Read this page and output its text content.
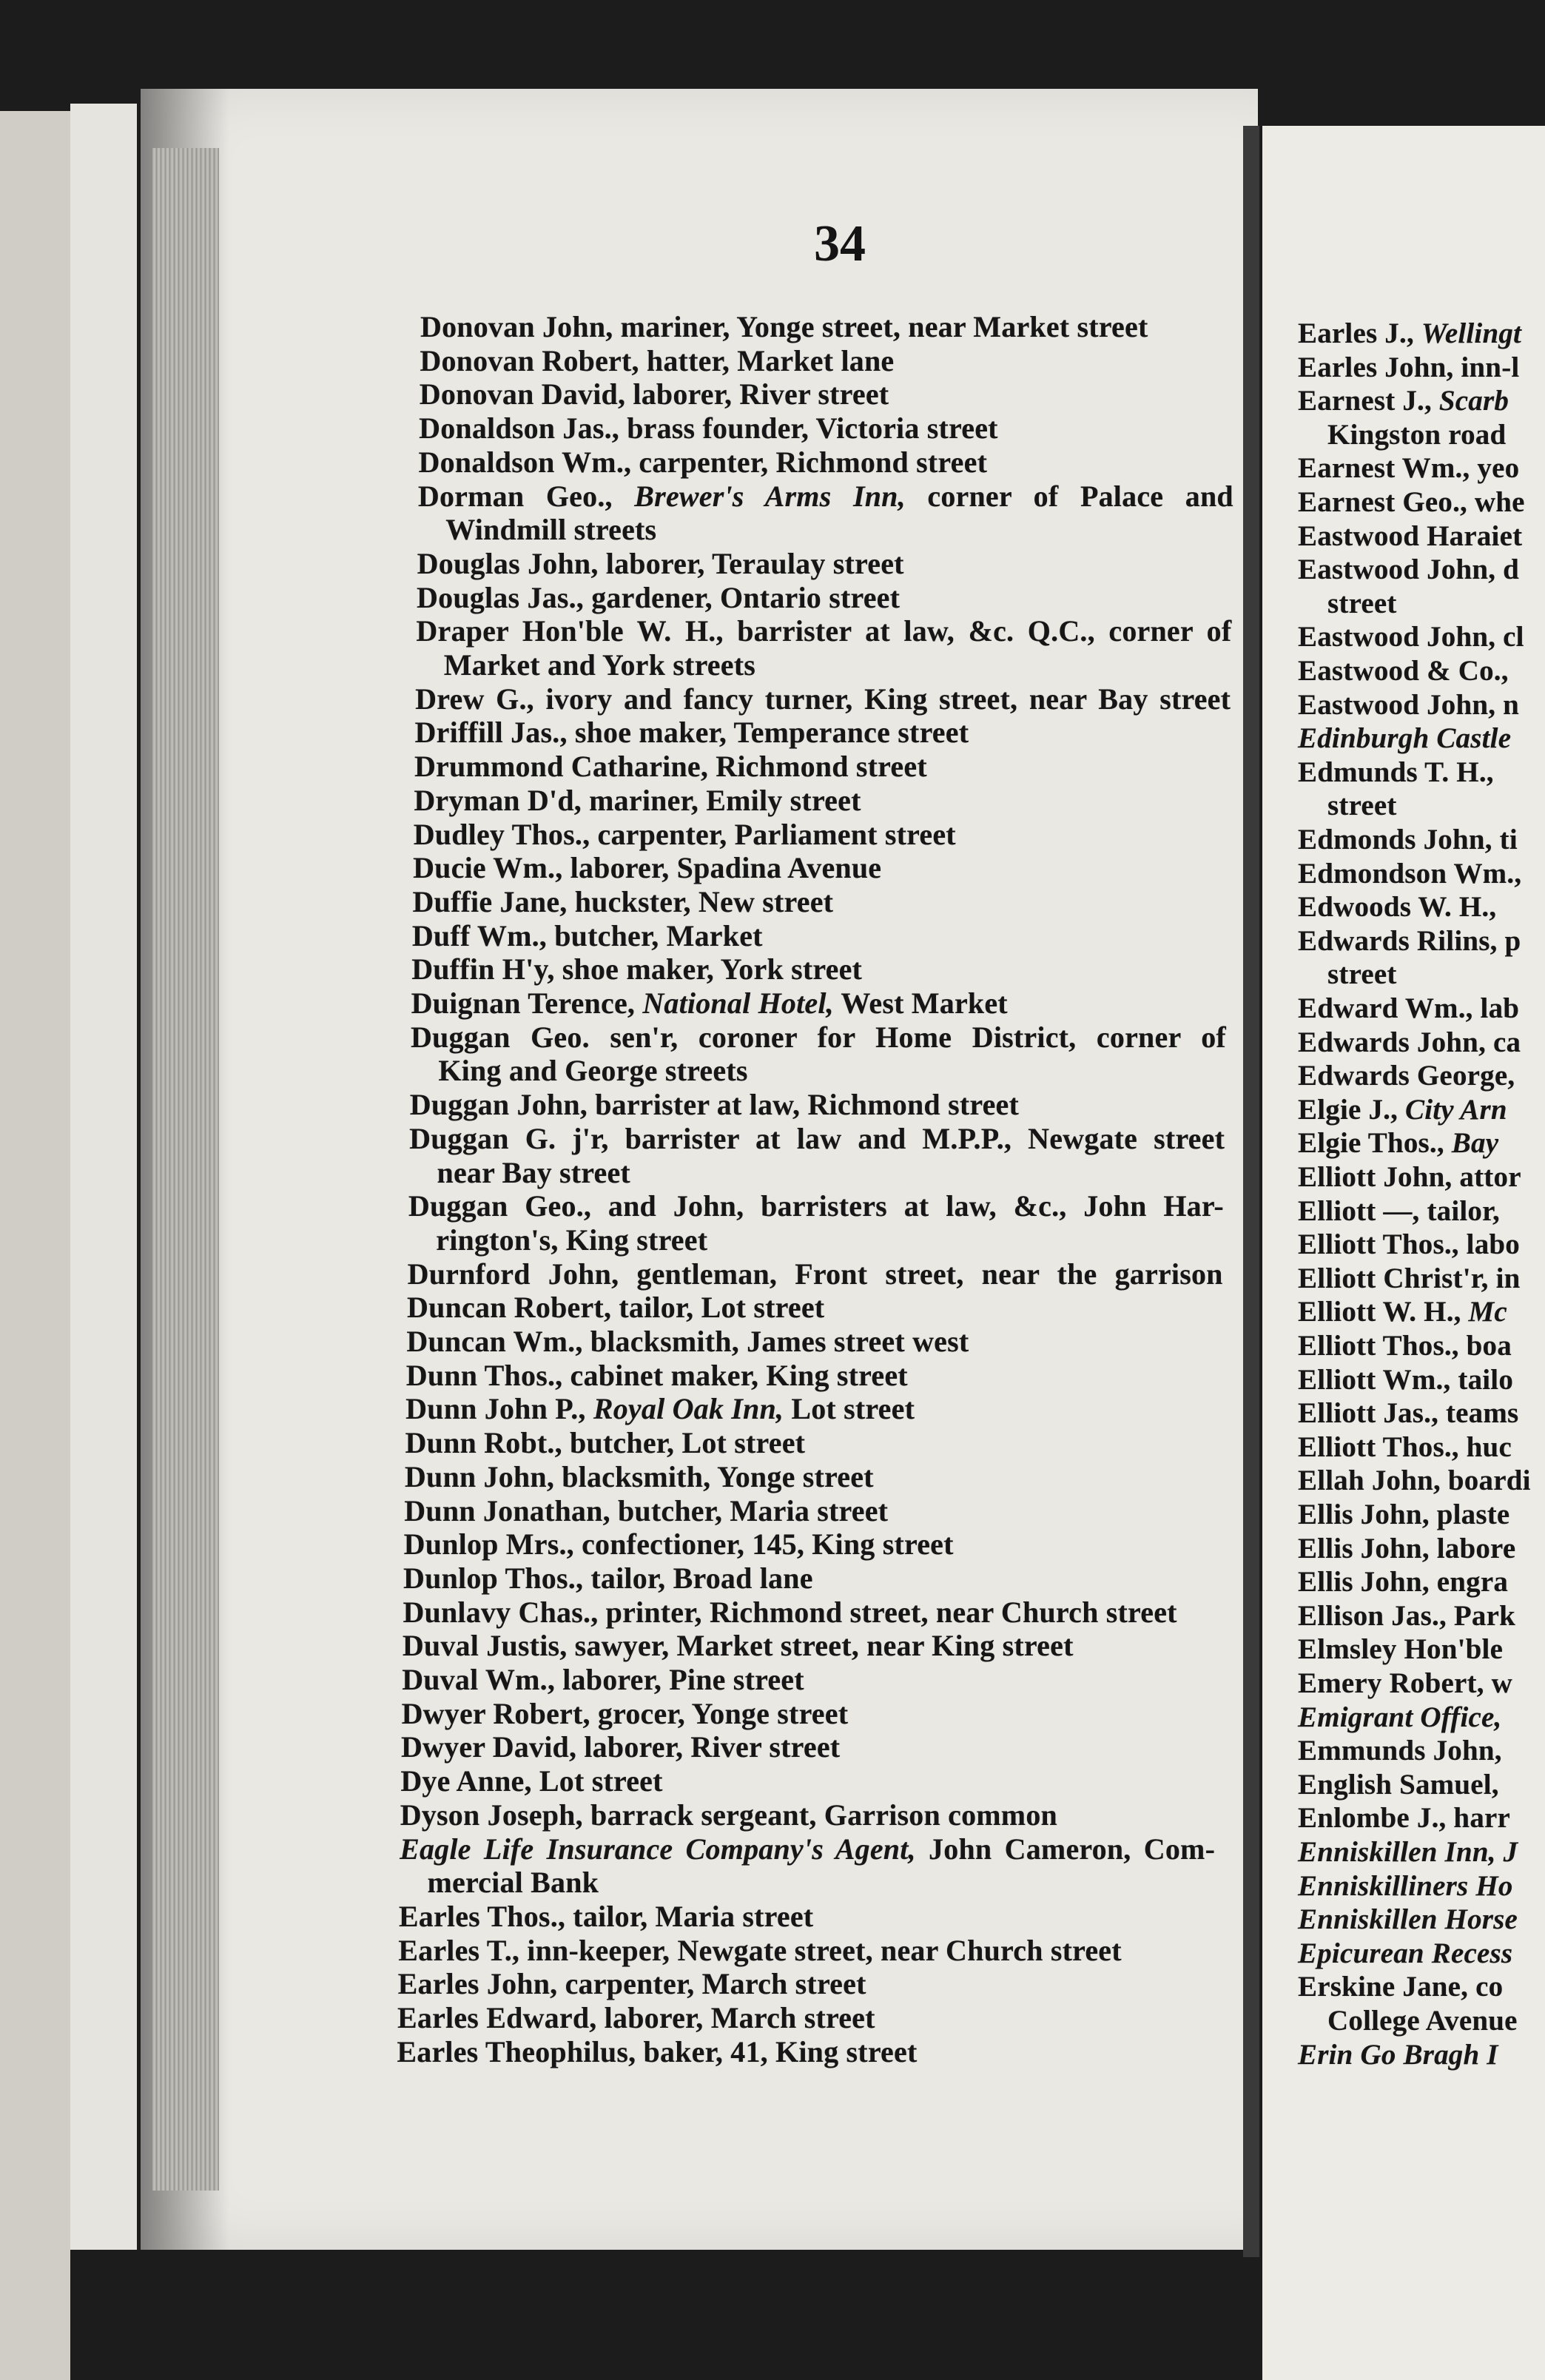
Earles J., Wellingt
Earles John, inn-l
Earnest J., Scarb
Kingston road
Earnest Wm., yeo
Earnest Geo., whe
Eastwood Haraiet
Eastwood John, d
street
Eastwood John, cl
Eastwood & Co.,
Eastwood John, n
Edinburgh Castle
Edmunds T. H.,
street
Edmonds John, ti
Edmondson Wm.,
Edwoods W. H.,
Edwards Rilins, p
street
Edward Wm., lab
Edwards John, ca
Edwards George,
Elgie J., City Arn
Elgie Thos., Bay
Elliott John, attor
Elliott —, tailor,
Elliott Thos., labo
Elliott Christ'r, in
Elliott W. H., Mc
Elliott Thos., boa
Elliott Wm., tailo
Elliott Jas., teams
Elliott Thos., huc
Ellah John, boardi
Ellis John, plaste
Ellis John, labore
Ellis John, engra
Ellison Jas., Park
Elmsley Hon'ble
Emery Robert, w
Emigrant Office,
Emmunds John,
English Samuel,
Enlombe J., harr
Enniskillen Inn, J
Enniskilliners Ho
Enniskillen Horse
Epicurean Recess
Erskine Jane, co
College Avenue
Erin Go Bragh I
34
Donovan John, mariner, Yonge street, near Market street
Donovan Robert, hatter, Market lane
Donovan David, laborer, River street
Donaldson Jas., brass founder, Victoria street
Donaldson Wm., carpenter, Richmond street
Dorman Geo., Brewer's Arms Inn, corner of Palace and
Windmill streets
Douglas John, laborer, Teraulay street
Douglas Jas., gardener, Ontario street
Draper Hon'ble W. H., barrister at law, &c. Q.C., corner of
Market and York streets
Drew G., ivory and fancy turner, King street, near Bay street
Driffill Jas., shoe maker, Temperance street
Drummond Catharine, Richmond street
Dryman D'd, mariner, Emily street
Dudley Thos., carpenter, Parliament street
Ducie Wm., laborer, Spadina Avenue
Duffie Jane, huckster, New street
Duff Wm., butcher, Market
Duffin H'y, shoe maker, York street
Duignan Terence, National Hotel, West Market
Duggan Geo. sen'r, coroner for Home District, corner of
King and George streets
Duggan John, barrister at law, Richmond street
Duggan G. j'r, barrister at law and M.P.P., Newgate street
near Bay street
Duggan Geo., and John, barristers at law, &c., John Har-
rington's, King street
Durnford John, gentleman, Front street, near the garrison
Duncan Robert, tailor, Lot street
Duncan Wm., blacksmith, James street west
Dunn Thos., cabinet maker, King street
Dunn John P., Royal Oak Inn, Lot street
Dunn Robt., butcher, Lot street
Dunn John, blacksmith, Yonge street
Dunn Jonathan, butcher, Maria street
Dunlop Mrs., confectioner, 145, King street
Dunlop Thos., tailor, Broad lane
Dunlavy Chas., printer, Richmond street, near Church street
Duval Justis, sawyer, Market street, near King street
Duval Wm., laborer, Pine street
Dwyer Robert, grocer, Yonge street
Dwyer David, laborer, River street
Dye Anne, Lot street
Dyson Joseph, barrack sergeant, Garrison common
Eagle Life Insurance Company's Agent, John Cameron, Com-
mercial Bank
Earles Thos., tailor, Maria street
Earles T., inn-keeper, Newgate street, near Church street
Earles John, carpenter, March street
Earles Edward, laborer, March street
Earles Theophilus, baker, 41, King street
